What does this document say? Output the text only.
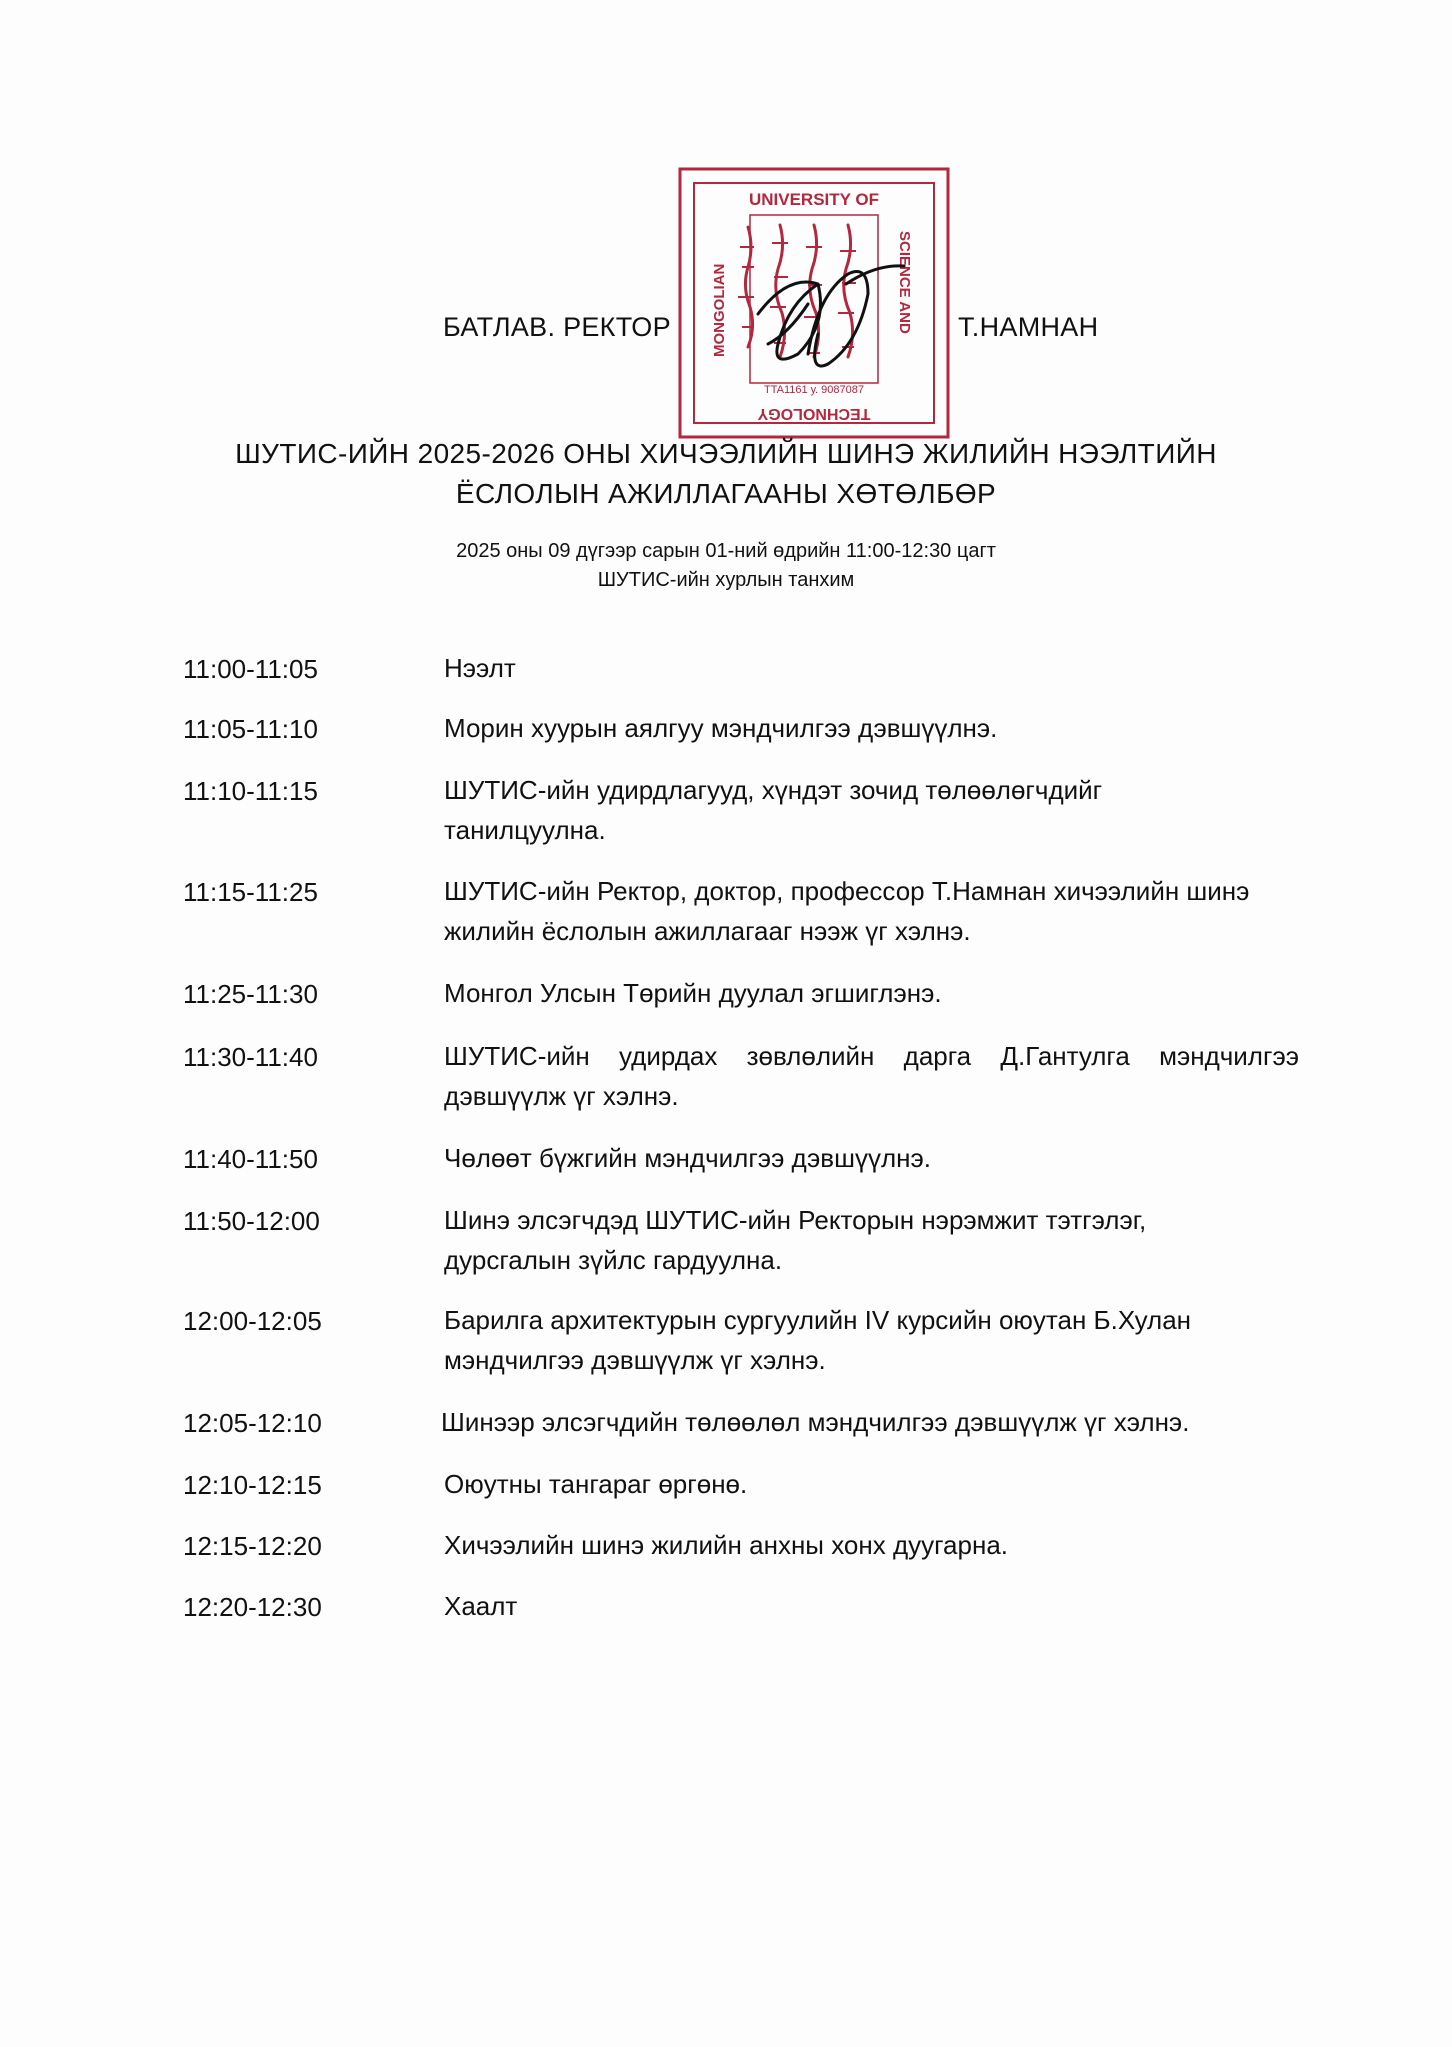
БАТЛАВ. РЕКТОР	Т.НАМНАН
UNIVERSITY OF
MONGOLIAN	SCIENCE AND
TECHNOLOGY
TTA1161 у. 9087087
ШУТИС-ИЙН 2025-2026 ОНЫ ХИЧЭЭЛИЙН ШИНЭ ЖИЛИЙН НЭЭЛТИЙН
ЁСЛОЛЫН АЖИЛЛАГААНЫ ХӨТӨЛБӨР
2025 оны 09 дүгээр сарын 01-ний өдрийн 11:00-12:30 цагт
ШУТИС-ийн хурлын танхим
11:00-11:05	Нээлт
11:05-11:10	Морин хуурын аялгуу мэндчилгээ дэвшүүлнэ.
11:10-11:15	ШУТИС-ийн удирдлагууд, хүндэт зочид төлөөлөгчдийг танилцуулна.
11:15-11:25	ШУТИС-ийн Ректор, доктор, профессор Т.Намнан хичээлийн шинэ жилийн ёслолын ажиллагааг нээж үг хэлнэ.
11:25-11:30	Монгол Улсын Төрийн дуулал эгшиглэнэ.
11:30-11:40	ШУТИС-ийн удирдах зөвлөлийн дарга Д.Гантулга мэндчилгээ дэвшүүлж үг хэлнэ.
11:40-11:50	Чөлөөт бүжгийн мэндчилгээ дэвшүүлнэ.
11:50-12:00	Шинэ элсэгчдэд ШУТИС-ийн Ректорын нэрэмжит тэтгэлэг, дурсгалын зүйлс гардуулна.
12:00-12:05	Барилга архитектурын сургуулийн IV курсийн оюутан Б.Хулан мэндчилгээ дэвшүүлж үг хэлнэ.
12:05-12:10	Шинээр элсэгчдийн төлөөлөл мэндчилгээ дэвшүүлж үг хэлнэ.
12:10-12:15	Оюутны тангараг өргөнө.
12:15-12:20	Хичээлийн шинэ жилийн анхны хонх дуугарна.
12:20-12:30	Хаалт
